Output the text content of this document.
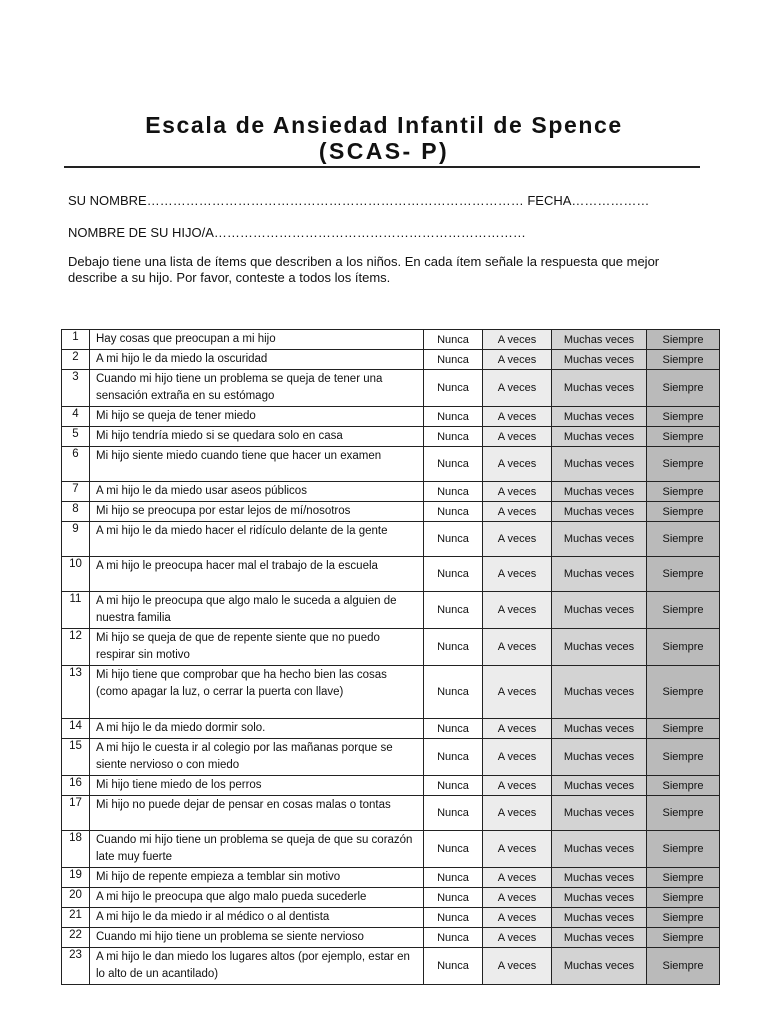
Escala de Ansiedad Infantil de Spence
(SCAS- P)
SU NOMBRE…………………………………………………………………………… FECHA………………
NOMBRE DE SU HIJO/A………………………………………………………………
Debajo tiene una lista de ítems que describen a los niños. En cada ítem señale la respuesta que mejor describe a su hijo. Por favor, conteste a todos los ítems.
1	Hay cosas que preocupan a mi hijo	Nunca	A veces	Muchas veces	Siempre
2	A mi hijo le da miedo la oscuridad	Nunca	A veces	Muchas veces	Siempre
3	Cuando mi hijo tiene un problema se queja de tener una sensación extraña en su estómago	Nunca	A veces	Muchas veces	Siempre
4	Mi hijo se queja de tener miedo	Nunca	A veces	Muchas veces	Siempre
5	Mi hijo tendría miedo si se quedara solo en casa	Nunca	A veces	Muchas veces	Siempre
6	Mi hijo siente miedo cuando tiene que hacer un examen	Nunca	A veces	Muchas veces	Siempre
7	A mi hijo le da miedo usar aseos públicos	Nunca	A veces	Muchas veces	Siempre
8	Mi hijo se preocupa por estar lejos de mí/nosotros	Nunca	A veces	Muchas veces	Siempre
9	A mi hijo le da miedo hacer el ridículo delante de la gente	Nunca	A veces	Muchas veces	Siempre
10	A mi hijo le preocupa hacer mal el trabajo de la escuela	Nunca	A veces	Muchas veces	Siempre
11	A mi hijo le preocupa que algo malo le suceda a alguien de nuestra familia	Nunca	A veces	Muchas veces	Siempre
12	Mi hijo se queja de que de repente siente que no puedo respirar sin motivo	Nunca	A veces	Muchas veces	Siempre
13	Mi hijo tiene que comprobar que ha hecho bien las cosas (como apagar la luz, o cerrar la puerta con llave)	Nunca	A veces	Muchas veces	Siempre
14	A mi hijo le da miedo dormir solo.	Nunca	A veces	Muchas veces	Siempre
15	A mi hijo le cuesta ir al colegio por las mañanas porque se siente nervioso o con miedo	Nunca	A veces	Muchas veces	Siempre
16	Mi hijo tiene miedo de los perros	Nunca	A veces	Muchas veces	Siempre
17	Mi hijo no puede dejar de pensar en cosas malas o tontas	Nunca	A veces	Muchas veces	Siempre
18	Cuando mi hijo tiene un problema se queja de que su corazón late muy fuerte	Nunca	A veces	Muchas veces	Siempre
19	Mi hijo de repente empieza a temblar sin motivo	Nunca	A veces	Muchas veces	Siempre
20	A mi hijo le preocupa que algo malo pueda sucederle	Nunca	A veces	Muchas veces	Siempre
21	A mi hijo le da miedo ir al médico o al dentista	Nunca	A veces	Muchas veces	Siempre
22	Cuando mi hijo tiene un problema se siente nervioso	Nunca	A veces	Muchas veces	Siempre
23	A mi hijo le dan miedo los lugares altos (por ejemplo, estar en lo alto de un acantilado)	Nunca	A veces	Muchas veces	Siempre
